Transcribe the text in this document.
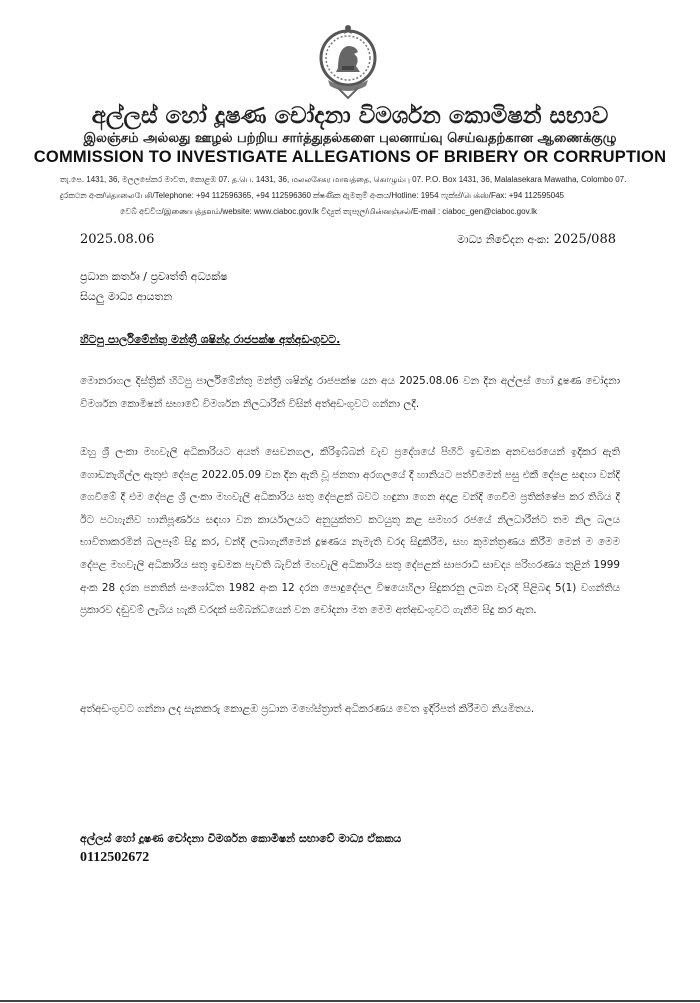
අල්ලස් හෝ දූෂණ චෝදනා විමර්ශන කොමිෂන් සභාව
இலஞ்சம் அல்லது ஊழல் பற்றிய சார்த்துதல்களை புலனாய்வு செய்வதற்கான ஆணைக்குழு
COMMISSION TO INVESTIGATE ALLEGATIONS OF BRIBERY OR CORRUPTION
තැ.පෙ. 1431, 36, මලලසේකර මාවත, කොළඹ 07. த.பெ. 1431, 36, மலலசேகர மாவத்தை, கொழும்பு 07. P.O. Box 1431, 36, Malalasekara Mawatha, Colombo 07.
දුරකථන අංක/தொலைபேசி/Telephone: +94 112596365, +94 112596360 ක්ෂණික ඇමතුම් අංකය/Hotline: 1954 ෆැක්ස්/பெக்ஸ்/Fax: +94 112595045
වෙබ් අඩවිය/இணையத்தளம்/website: www.ciaboc.gov.lk විද්‍යුත් තැපෑල/மின்னஞ்சல்/E-mail : ciaboc_gen@ciaboc.gov.lk
2025.08.06	මාධ්‍ය නිවේදන අංක: 2025/088
ප්‍රධාන කර්තෘ / ප්‍රවෘත්ති අධ්‍යක්ෂ
සියලු මාධ්‍ය ආයතන
හිටපු පාර්ලිමේන්තු මන්ත්‍රී ශෂින්ද්‍ර රාජපක්ෂ අත්අඩංගුවට.
මොනරාගල දිස්ත්‍රික් හිටපු පාර්ලිමේන්තු මන්ත්‍රී ශෂින්ද්‍ර රාජපක්ෂ යන අය 2025.08.06 වන දින අල්ලස් හෝ දූෂණ චෝදනා විමර්ශන කොමිෂන් සභාවේ විමර්ශන නිලධාරීන් විසින් අත්අඩංගුවට ගන්නා ලදී.
ඔහු ශ්‍රී ලංකා මහවැලි අධිකාරියට අයත් සෙවනගල, කිරිඉබ්බන් වැව ප්‍රදේශයේ පිහිටි ඉඩමක අනවසරයෙන් ඉදිකර ඇති ගොඩනැගිල්ල ඇතුළු දේපළ 2022.05.09 වන දින ඇති වූ ජනතා අරගලයේ දී හානියට පත්වීමෙන් පසු එකී දේපළ සඳහා වන්දි ගෙවීමේ දී එම දේපළ ශ්‍රී ලංකා මහවැලි අධිකාරිය සතු දේපළක් බවට හඳුනා ගෙන අදාළ වන්දි ගෙවීම ප්‍රතික්ෂේප කර තිබිය දී ඊට පටහැනිව හානිපූර්ණය සඳහා වන කාර්යාලයට අනුයුක්තව කටයුතු කළ සමහර රජයේ නිලධාරීන්ට තම නිල බලය භාවිතාකරමින් බලපෑම් සිදු කර, වන්දි ලබාගැනීමෙන් දූෂණය නැමැති වරද සිදුකිරීම, සහ කුමන්ත්‍රණය කිරීම මෙන් ම මෙම දේපළ මහවැලි අධිකාරිය සතු ඉඩමක පැවති බැවින් මහවැලි අධිකාරිය සතු දේපළක් සාපරාධී සාවද්‍ය පරිහරණය තුළින් 1999 අංක 28 දරන පනතින් සංශෝධිත 1982 අංක 12 දරන පොදුදේපල විෂයෙහිලා සිදුකරනු ලබන වැරදි පිළිබඳ 5(1) වගන්තිය ප්‍රකාරව දඬුවම් ලැබිය හැකි වරදක් සම්බන්ධයෙන් වන චෝදනා මත මෙම අත්අඩංගුවට ගැනීම සිදු කර ඇත.
අත්අඩංගුවට ගන්නා ලද සැකකරු කොළඹ ප්‍රධාන මහේස්ත්‍රාත් අධිකරණය වෙත ඉදිරිපත් කිරීමට නියමිතය.
අල්ලස් හෝ දූෂණ චෝදනා විමර්ශන කොමිෂන් සභාවේ මාධ්‍ය ඒකකය
0112502672
